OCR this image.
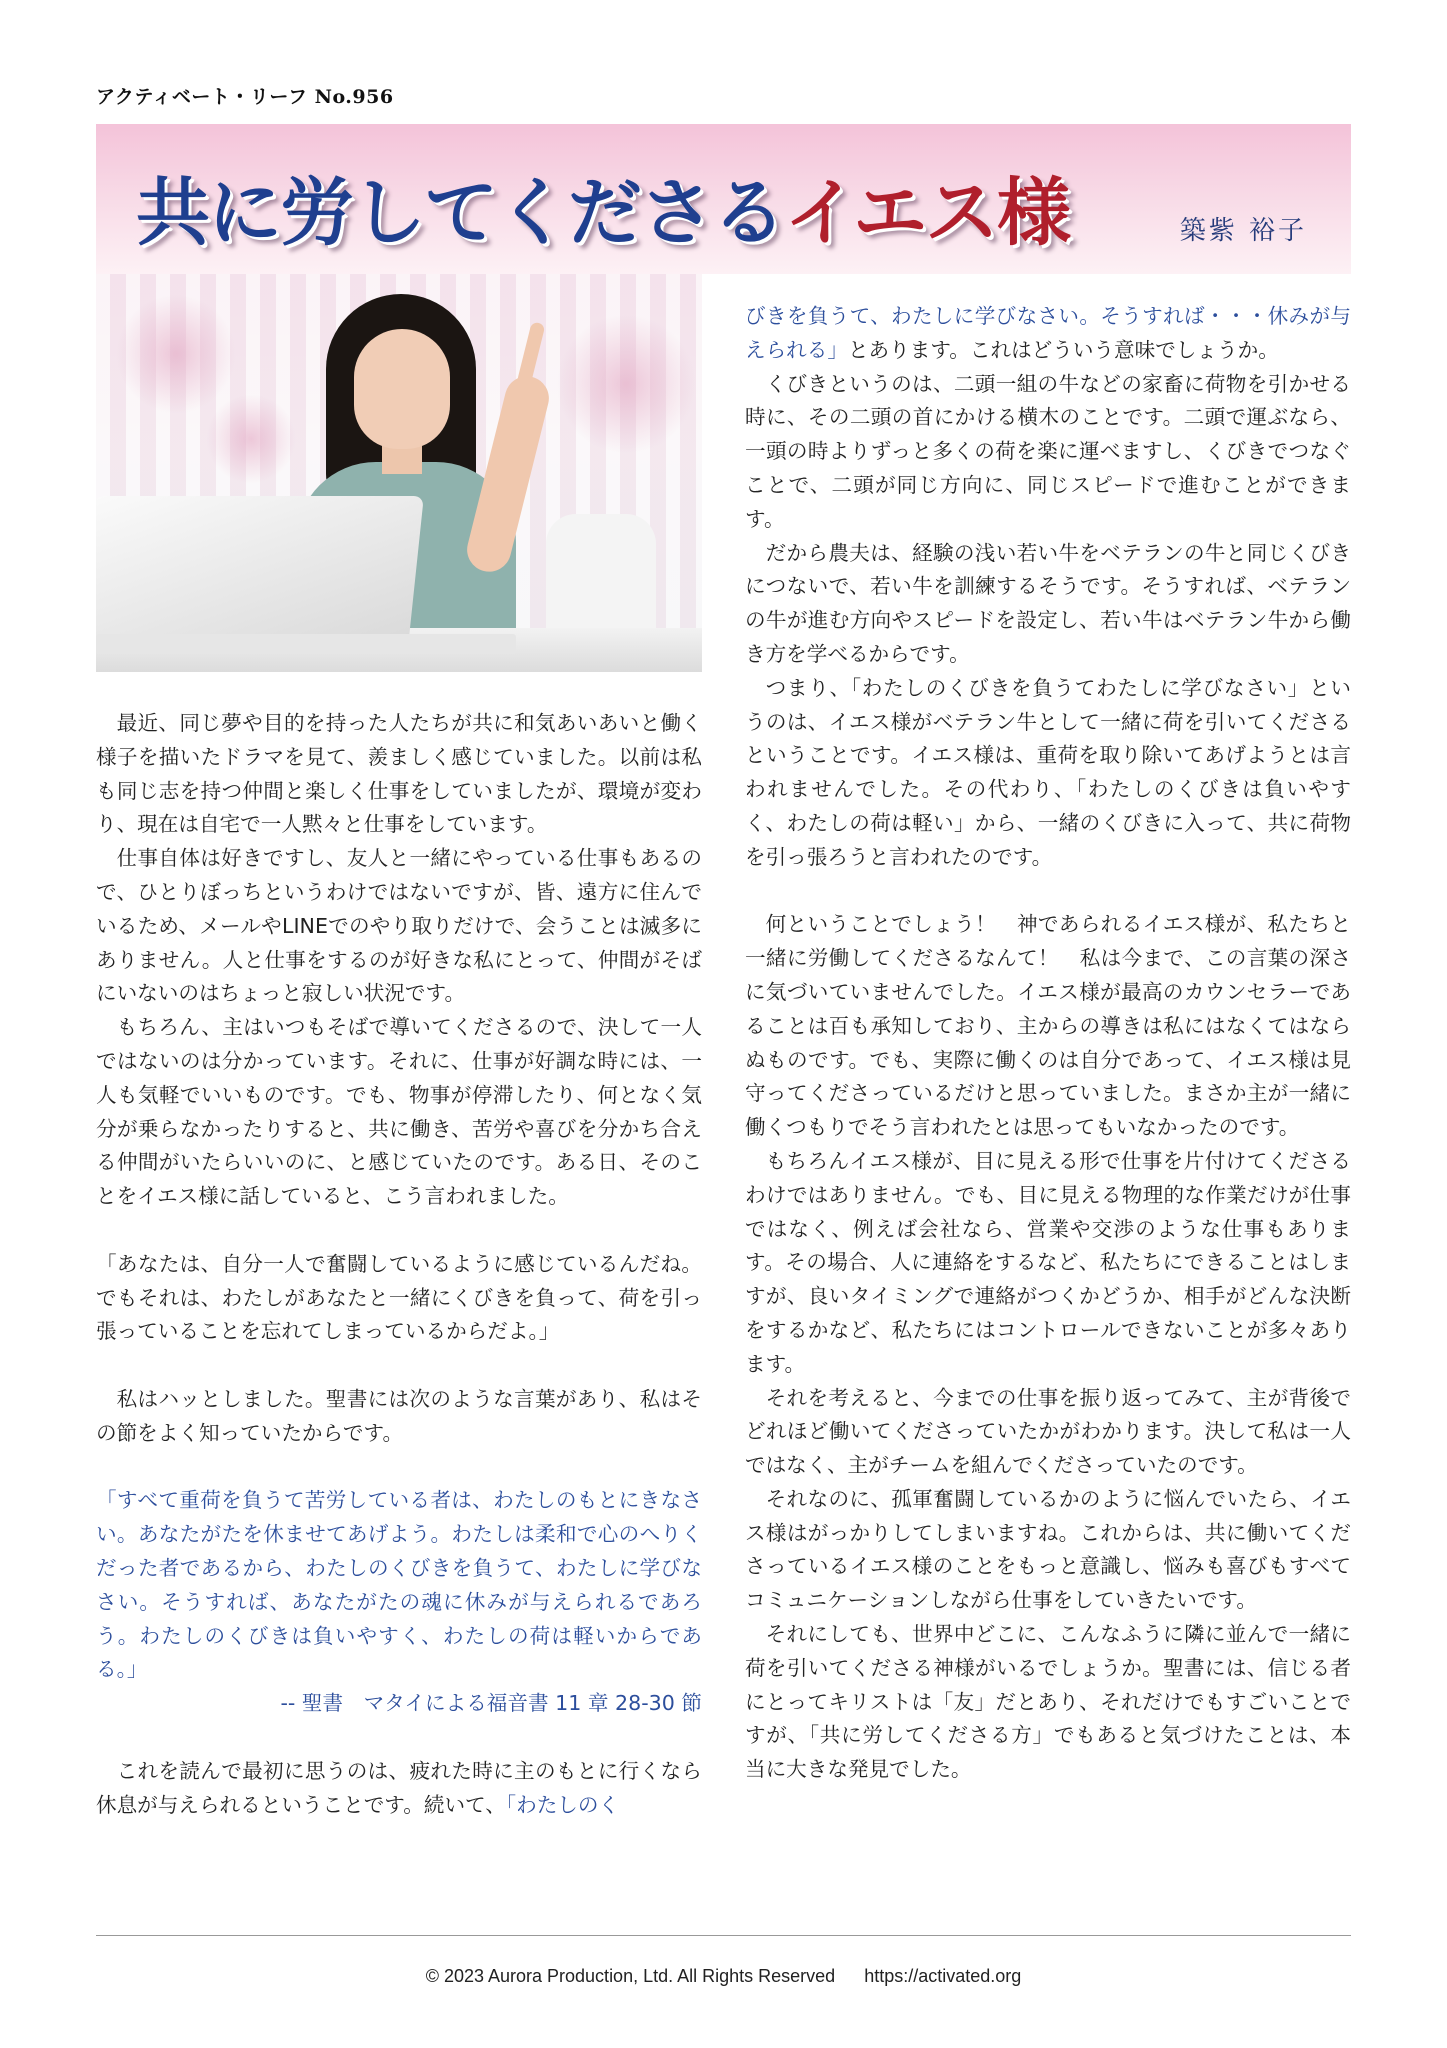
アクティベート・リーフ No.956
共に労してくださるイエス様	築紫 裕子

最近、同じ夢や目的を持った人たちが共に和気あいあいと働く様子を描いたドラマを見て、羨ましく感じていました。以前は私も同じ志を持つ仲間と楽しく仕事をしていましたが、環境が変わり、現在は自宅で一人黙々と仕事をしています。

仕事自体は好きですし、友人と一緒にやっている仕事もあるので、ひとりぼっちというわけではないですが、皆、遠方に住んでいるため、メールやLINEでのやり取りだけで、会うことは滅多にありません。人と仕事をするのが好きな私にとって、仲間がそばにいないのはちょっと寂しい状況です。

もちろん、主はいつもそばで導いてくださるので、決して一人ではないのは分かっています。それに、仕事が好調な時には、一人も気軽でいいものです。でも、物事が停滞したり、何となく気分が乗らなかったりすると、共に働き、苦労や喜びを分かち合える仲間がいたらいいのに、と感じていたのです。ある日、そのことをイエス様に話していると、こう言われました。

「あなたは、自分一人で奮闘しているように感じているんだね。でもそれは、わたしがあなたと一緒にくびきを負って、荷を引っ張っていることを忘れてしまっているからだよ。」

私はハッとしました。聖書には次のような言葉があり、私はその節をよく知っていたからです。

「すべて重荷を負うて苦労している者は、わたしのもとにきなさい。あなたがたを休ませてあげよう。わたしは柔和で心のへりくだった者であるから、わたしのくびきを負うて、わたしに学びなさい。そうすれば、あなたがたの魂に休みが与えられるであろう。わたしのくびきは負いやすく、わたしの荷は軽いからである。」

-- 聖書　マタイによる福音書 11 章 28-30 節

これを読んで最初に思うのは、疲れた時に主のもとに行くなら休息が与えられるということです。続いて、「わたしのく

びきを負うて、わたしに学びなさい。そうすれば・・・休みが与えられる」とあります。これはどういう意味でしょうか。

くびきというのは、二頭一組の牛などの家畜に荷物を引かせる時に、その二頭の首にかける横木のことです。二頭で運ぶなら、一頭の時よりずっと多くの荷を楽に運べますし、くびきでつなぐことで、二頭が同じ方向に、同じスピードで進むことができます。

だから農夫は、経験の浅い若い牛をベテランの牛と同じくびきにつないで、若い牛を訓練するそうです。そうすれば、ベテランの牛が進む方向やスピードを設定し、若い牛はベテラン牛から働き方を学べるからです。

つまり、「わたしのくびきを負うてわたしに学びなさい」というのは、イエス様がベテラン牛として一緒に荷を引いてくださるということです。イエス様は、重荷を取り除いてあげようとは言われませんでした。その代わり、「わたしのくびきは負いやすく、わたしの荷は軽い」から、一緒のくびきに入って、共に荷物を引っ張ろうと言われたのです。

何ということでしょう！　神であられるイエス様が、私たちと一緒に労働してくださるなんて！　私は今まで、この言葉の深さに気づいていませんでした。イエス様が最高のカウンセラーであることは百も承知しており、主からの導きは私にはなくてはならぬものです。でも、実際に働くのは自分であって、イエス様は見守ってくださっているだけと思っていました。まさか主が一緒に働くつもりでそう言われたとは思ってもいなかったのです。

もちろんイエス様が、目に見える形で仕事を片付けてくださるわけではありません。でも、目に見える物理的な作業だけが仕事ではなく、例えば会社なら、営業や交渉のような仕事もあります。その場合、人に連絡をするなど、私たちにできることはしますが、良いタイミングで連絡がつくかどうか、相手がどんな決断をするかなど、私たちにはコントロールできないことが多々あります。

それを考えると、今までの仕事を振り返ってみて、主が背後でどれほど働いてくださっていたかがわかります。決して私は一人ではなく、主がチームを組んでくださっていたのです。

それなのに、孤軍奮闘しているかのように悩んでいたら、イエス様はがっかりしてしまいますね。これからは、共に働いてくださっているイエス様のことをもっと意識し、悩みも喜びもすべてコミュニケーションしながら仕事をしていきたいです。

それにしても、世界中どこに、こんなふうに隣に並んで一緒に荷を引いてくださる神様がいるでしょうか。聖書には、信じる者にとってキリストは「友」だとあり、それだけでもすごいことですが、「共に労してくださる方」でもあると気づけたことは、本当に大きな発見でした。

© 2023 Aurora Production, Ltd. All Rights Reserved https://activated.org
